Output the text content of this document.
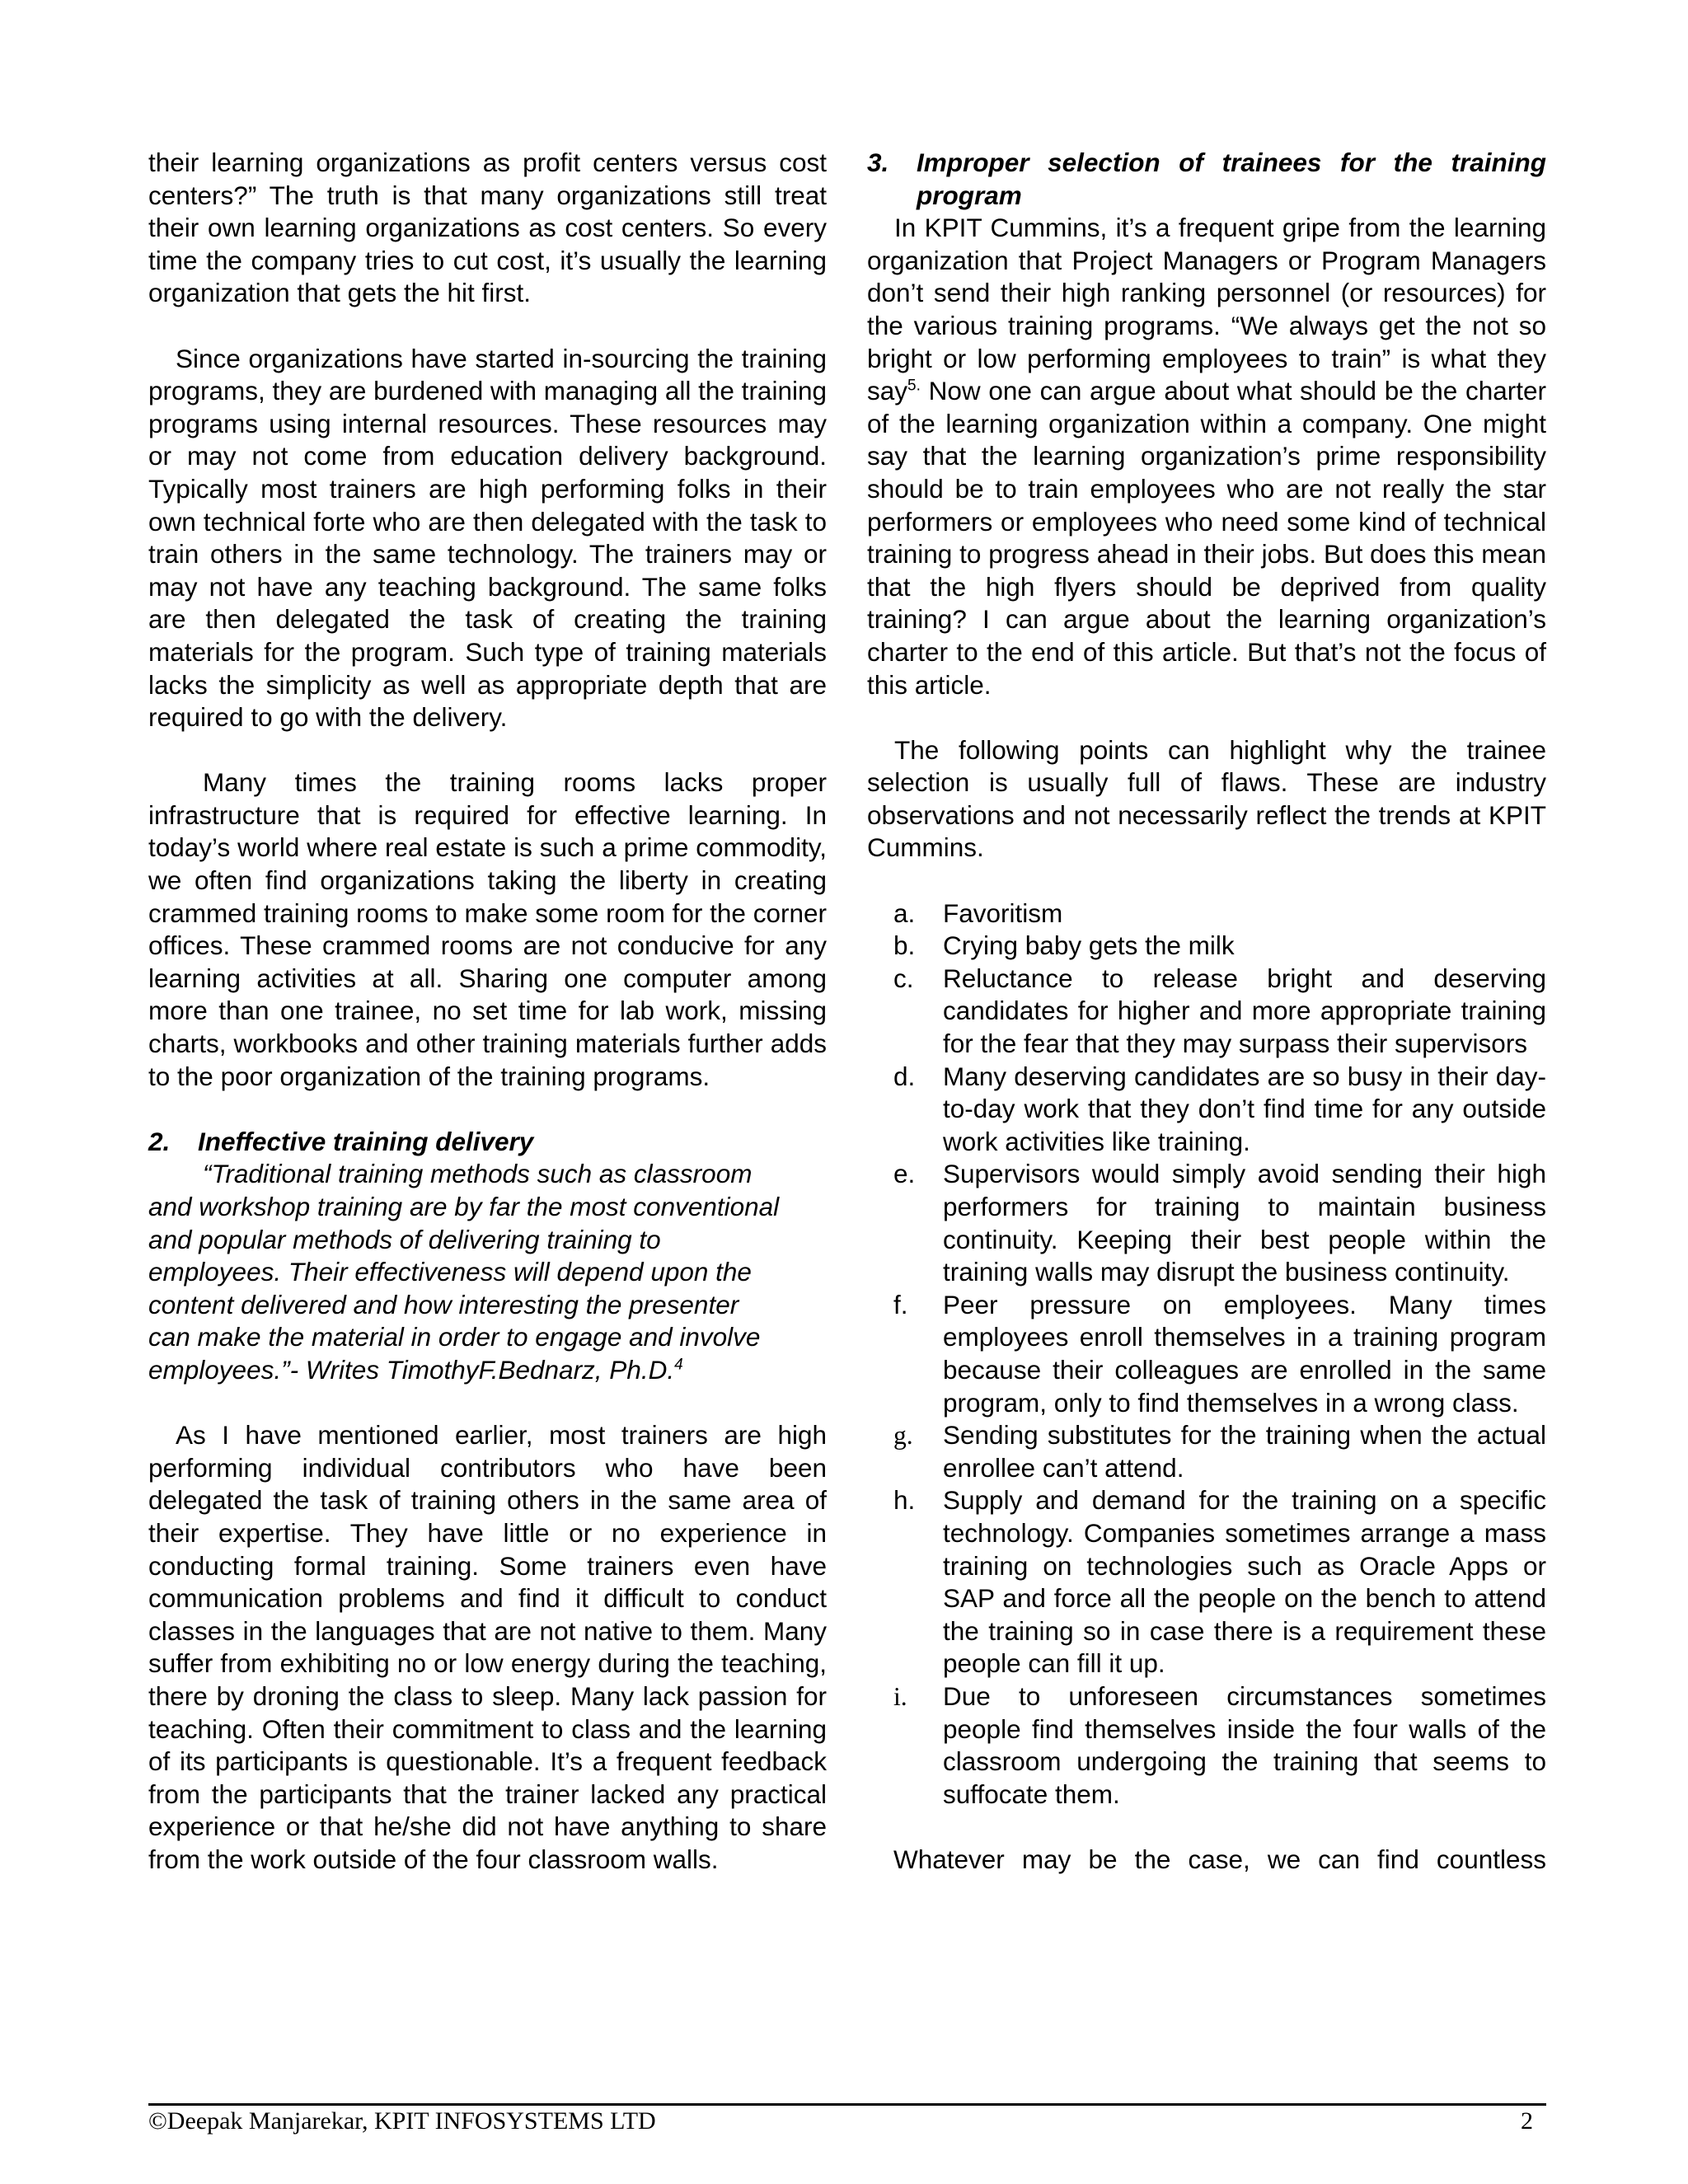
their learning organizations as profit centers versus cost centers?” The truth is that many organizations still treat their own learning organizations as cost centers. So every time the company tries to cut cost, it’s usually the learning organization that gets the hit first.

Since organizations have started in-sourcing the training programs, they are burdened with managing all the training programs using internal resources. These resources may or may not come from education delivery background. Typically most trainers are high performing folks in their own technical forte who are then delegated with the task to train others in the same technology. The trainers may or may not have any teaching background. The same folks are then delegated the task of creating the training materials for the program. Such type of training materials lacks the simplicity as well as appropriate depth that are required to go with the delivery.

Many times the training rooms lacks proper infrastructure that is required for effective learning. In today’s world where real estate is such a prime commodity, we often find organizations taking the liberty in creating crammed training rooms to make some room for the corner offices. These crammed rooms are not conducive for any learning activities at all. Sharing one computer among more than one trainee, no set time for lab work, missing charts, workbooks and other training materials further adds to the poor organization of the training programs.

2.	Ineffective training delivery
“Traditional training methods such as classroom
and workshop training are by far the most conventional
and popular methods of delivering training to
employees. Their effectiveness will depend upon the
content delivered and how interesting the presenter
can make the material in order to engage and involve
employees.”- Writes TimothyF.Bednarz, Ph.D.$^4$

As I have mentioned earlier, most trainers are high performing individual contributors who have been delegated the task of training others in the same area of their expertise. They have little or no experience in conducting formal training. Some trainers even have communication problems and find it difficult to conduct classes in the languages that are not native to them. Many suffer from exhibiting no or low energy during the teaching, there by droning the class to sleep. Many lack passion for teaching. Often their commitment to class and the learning of its participants is questionable. It’s a frequent feedback from the participants that the trainer lacked any practical experience or that he/she did not have anything to share from the work outside of the four classroom walls.

3.	Improper selection of trainees for the training program

In KPIT Cummins, it’s a frequent gripe from the learning organization that Project Managers or Program Managers don’t send their high ranking personnel (or resources) for the various training programs. “We always get the not so bright or low performing employees to train” is what they say$^{5.}$ Now one can argue about what should be the charter of the learning organization within a company. One might say that the learning organization’s prime responsibility should be to train employees who are not really the star performers or employees who need some kind of technical training to progress ahead in their jobs. But does this mean that the high flyers should be deprived from quality training? I can argue about the learning organization’s charter to the end of this article. But that’s not the focus of this article.

The following points can highlight why the trainee selection is usually full of flaws. These are industry observations and not necessarily reflect the trends at KPIT Cummins.

a.	Favoritism
b.	Crying baby gets the milk
c.	Reluctance to release bright and deserving candidates for higher and more appropriate training for the fear that they may surpass their supervisors
d.	Many deserving candidates are so busy in their day-to-day work that they don’t find time for any outside work activities like training.
e.	Supervisors would simply avoid sending their high performers for training to maintain business continuity. Keeping their best people within the training walls may disrupt the business continuity.
f.	Peer pressure on employees. Many times employees enroll themselves in a training program because their colleagues are enrolled in the same program, only to find themselves in a wrong class.
g.	Sending substitutes for the training when the actual enrollee can’t attend.
h.	Supply and demand for the training on a specific technology. Companies sometimes arrange a mass training on technologies such as Oracle Apps or SAP and force all the people on the bench to attend the training so in case there is a requirement these people can fill it up.
i.	Due to unforeseen circumstances sometimes people find themselves inside the four walls of the classroom undergoing the training that seems to suffocate them.

Whatever may be the case, we can find countless

©Deepak Manjarekar, KPIT INFOSYSTEMS LTD	2
